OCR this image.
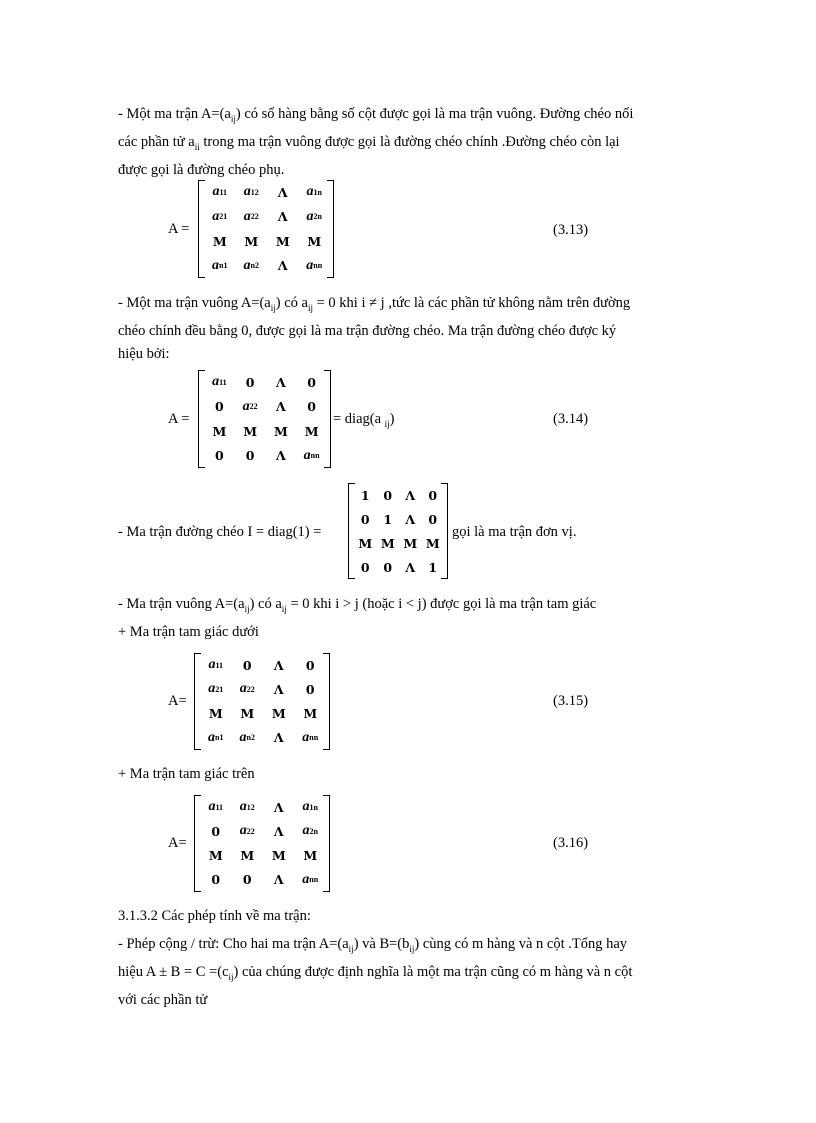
- Một ma trận $A=(a_{ij})$ có số hàng bằng số cột được gọi là ma trận vuông. Đường chéo nối
các phần tử $a_{ii}$ trong ma trận vuông được gọi là đường chéo chính .Đường chéo còn lại
được gọi là đường chéo phụ.

A =
a 11 a 12 Λ a 1n
a 21 a 22 Λ a 2n
M M M M
a n1 a n2 Λ a nn
(3.13)

- Một ma trận vuông $A=(a_{ij})$ có $a_{ij} = 0$ khi i ≠ j ,tức là các phần tử không nằm trên đường
chéo chính đều bằng 0, được gọi là ma trận đường chéo. Ma trận đường chéo được ký
hiệu bởi:

A =
a 11 0 Λ 0
0 a 22 Λ 0
M M M M
0 0 Λ a nn
= diag(a $_{ij}$)	(3.14)
- Ma trận đường chéo I = diag(1) =
1 0 Λ 0
0 1 Λ 0
M M M M
0 0 Λ 1
gọi là ma trận đơn vị.
- Ma trận vuông $A=(a_{ij})$ có $a_{ij} = 0$ khi i > j (hoặc i < j) được gọi là ma trận tam giác
+ Ma trận tam giác dưới
A=
a 11 0 Λ 0
a 21 a 22 Λ 0
M M M M
a n1 a n2 Λ a nn
(3.15)
+ Ma trận tam giác trên
A=
a 11 a 12 Λ a 1n
0 a 22 Λ a 2n
M M M M
0 0 Λ a nn
(3.16)
3.1.3.2 Các phép tính về ma trận:

- Phép cộng / trừ: Cho hai ma trận $A=(a_{ij})$ và $B=(b_{ij})$ cùng có m hàng và n cột .Tổng hay
hiệu $A \pm B = C =(c_{ij})$ của chúng được định nghĩa là một ma trận cũng có m hàng và n cột
với các phần tử
